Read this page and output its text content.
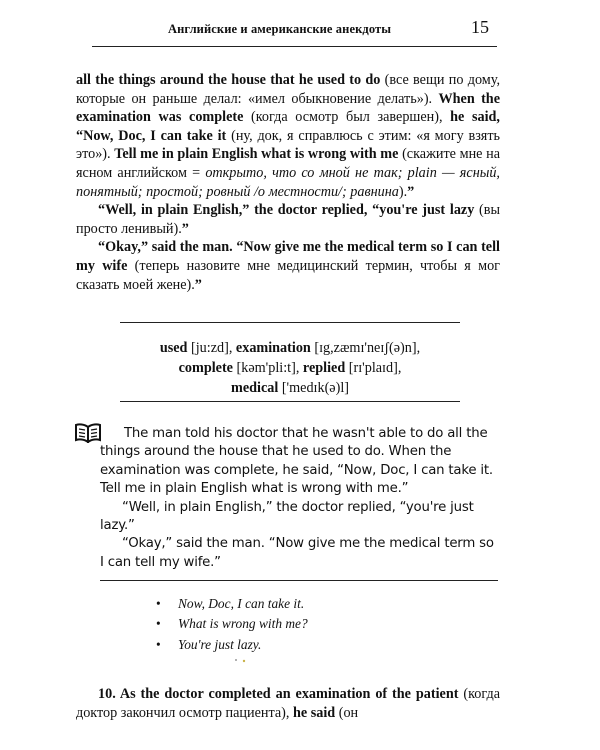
Английские и американские анекдоты	15

all the things around the house that he used to do (все вещи по дому, которые он раньше делал: «имел обыкновение делать»). When the examination was complete (когда осмотр был завершен), he said, “Now, Doc, I can take it (ну, док, я справлюсь с этим: «я могу взять это»). Tell me in plain English what is wrong with me (скажите мне на ясном английском = открыто, что со мной не так; plain — ясный, понятный; простой; ровный /о местности/; равнина).”

“Well, in plain English,” the doctor replied, “you're just lazy (вы просто ленивый).”

“Okay,” said the man. “Now give me the medical term so I can tell my wife (теперь назовите мне медицинский термин, чтобы я мог сказать моей жене).”

used [ju:zd], examination [ɪg,zæmɪ'neɪʃ(ə)n],
complete [kəm'pli:t], replied [rɪ'plaɪd],
medical ['medɪk(ə)l]

The man told his doctor that he wasn't able to do all the things around the house that he used to do. When the examination was complete, he said, “Now, Doc, I can take it. Tell me in plain English what is wrong with me.”

“Well, in plain English,” the doctor replied, “you're just lazy.”

“Okay,” said the man. “Now give me the medical term so I can tell my wife.”

• Now, Doc, I can take it.
• What is wrong with me?
• You're just lazy.

10. As the doctor completed an examination of the patient (когда доктор закончил осмотр пациента), he said (он
